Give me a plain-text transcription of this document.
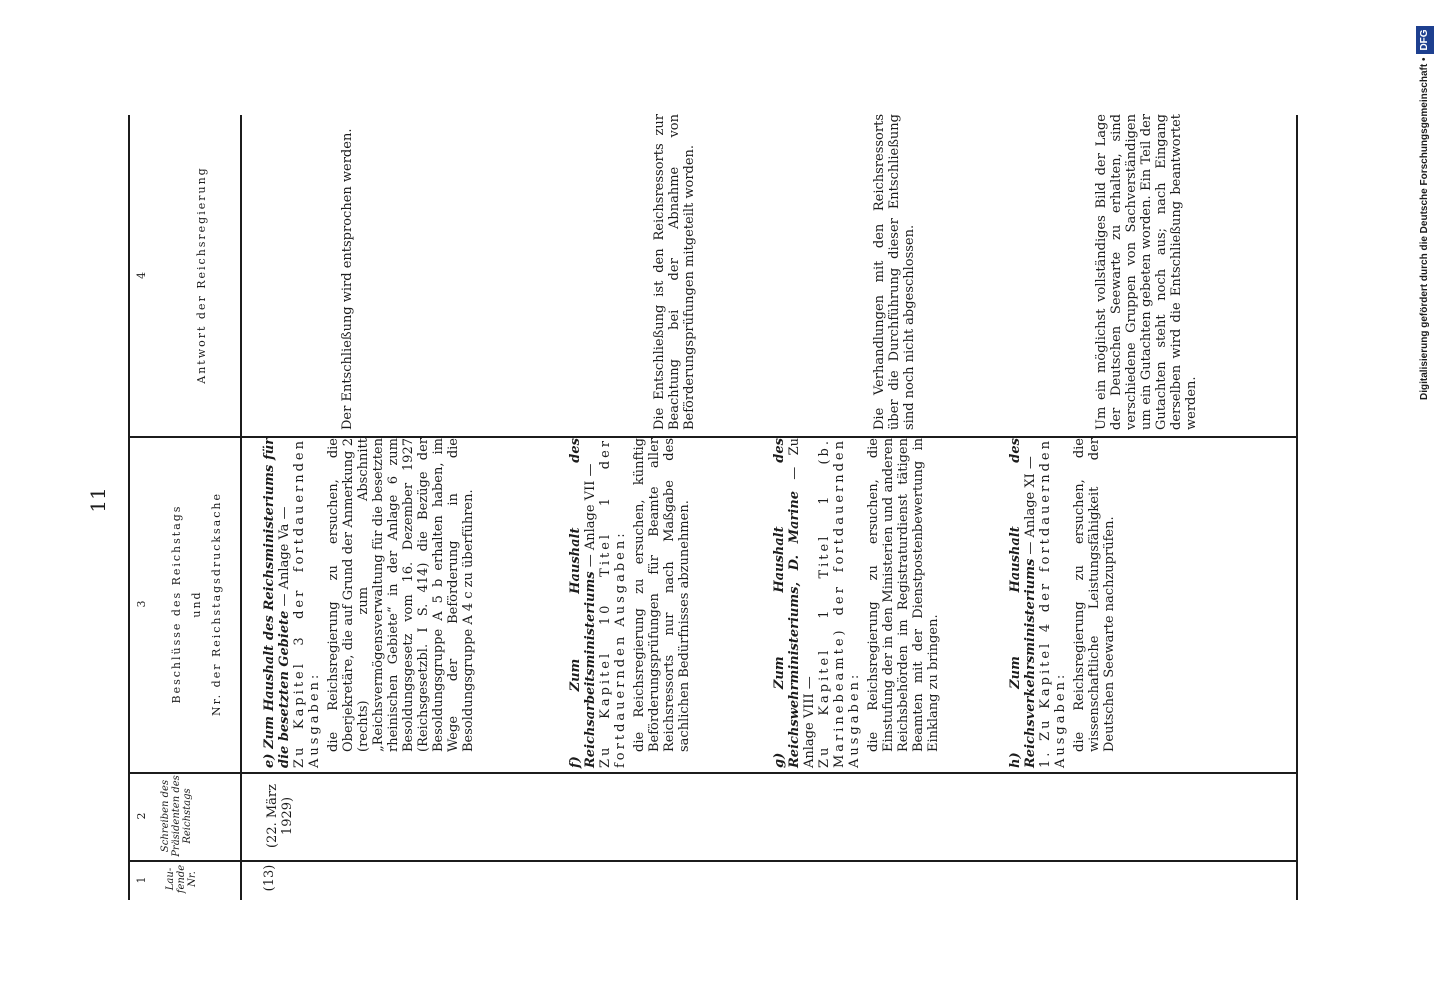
11
1
2
3
4
Lau- fende Nr.
Schreiben des Präsidenten des Reichstags
Beschlüsse des Reichstags und Nr. der Reichstagsdrucksache
Antwort der Reichsregierung
(13)
(22. März 1929)
e) Zum Haushalt des Reichsministeriums für die besetzten Gebiete — Anlage Va — Zu Kapitel 3 der fortdauernden Ausgaben: die Reichsregierung zu ersuchen, die Oberjekretäre, die auf Grund der Anmerkung 2 (rechts) zum Abschnitt „Reichsvermögensverwaltung für die besetzten rheinischen Gebiete“ in der Anlage 6 zum Besoldungsgesetz vom 16. Dezember 1927 (Reichsgesetzbl. I S. 414) die Bezüge der Besoldungsgruppe A 5 b erhalten haben, im Wege der Beförderung in die Besoldungsgruppe A 4 c zu überführen.
Der Entschließung wird entsprochen werden.
f) Zum Haushalt des Reichsarbeitsministeriums — Anlage VII — Zu Kapitel 10 Titel 1 der fortdauernden Ausgaben: die Reichsregierung zu ersuchen, künftig Beförderungsprüfungen für Beamte aller Reichsressorts nur nach Maßgabe des sachlichen Bedürfnisses abzunehmen.
Die Entschließung ist den Reichsressorts zur Beachtung bei der Abnahme von Beförderungsprüfungen mitgeteilt worden.
g) Zum Haushalt des Reichswehrministeriums, D. Marine — Zu Anlage VIII — Zu Kapitel 1 Titel 1 (b. Marinebeamte) der fortdauernden Ausgaben: die Reichsregierung zu ersuchen, die Einstufung der in den Ministerien und anderen Reichsbehörden im Registraturdienst tätigen Beamten mit der Dienstpostenbewertung in Einklang zu bringen.
Die Verhandlungen mit den Reichsressorts über die Durchführung dieser Entschließung sind noch nicht abgeschlossen.
h) Zum Haushalt des Reichsverkehrsministeriums — Anlage XI — 1. Zu Kapitel 4 der fortdauernden Ausgaben: die Reichsregierung zu ersuchen, die wissenschaftliche Leistungsfähigkeit der Deutschen Seewarte nachzuprüfen.
Um ein möglichst vollständiges Bild der Lage der Deutschen Seewarte zu erhalten, sind verschiedene Gruppen von Sachverständigen um ein Gutachten gebeten worden. Ein Teil der Gutachten steht noch aus; nach Eingang derselben wird die Entschließung beantwortet werden.
Digitalisierung gefördert durch die Deutsche Forschungsgemeinschaft •DFG
